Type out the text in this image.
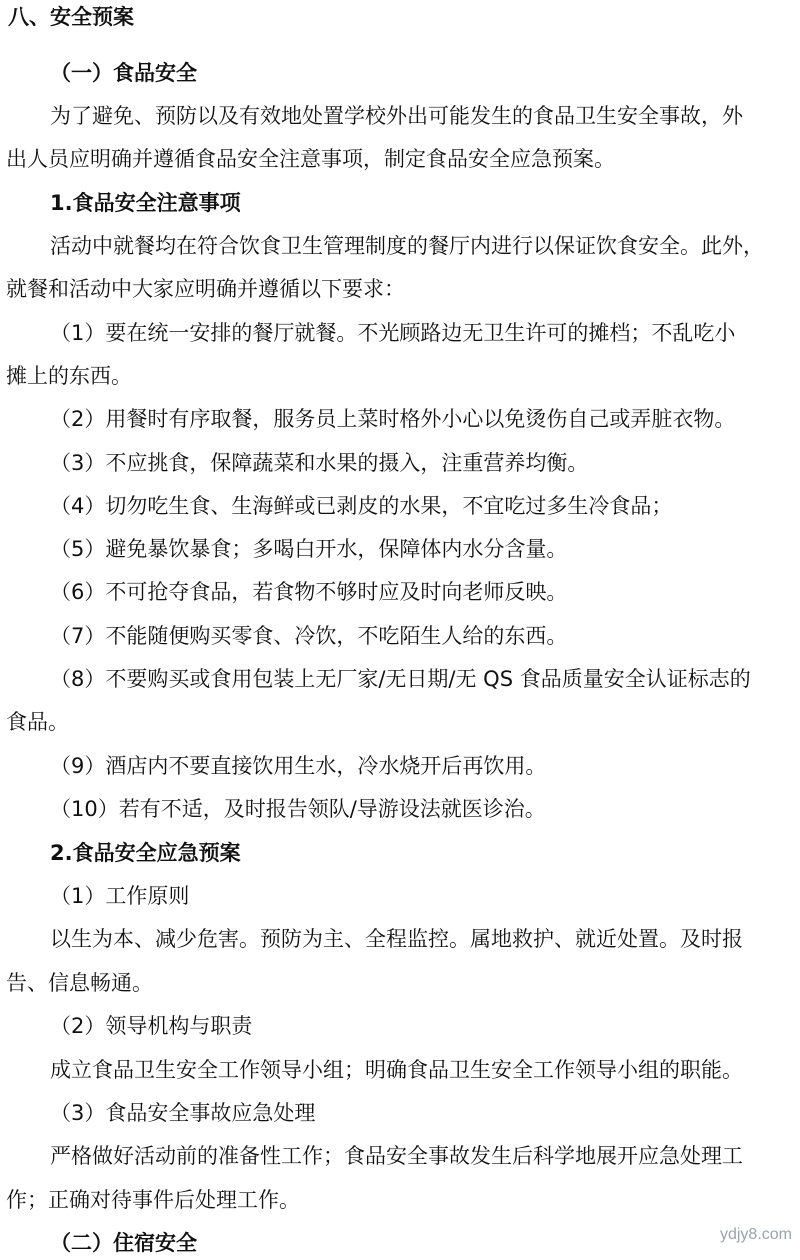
八、安全预案
（一）食品安全
为了避免、预防以及有效地处置学校外出可能发生的食品卫生安全事故，外
出人员应明确并遵循食品安全注意事项，制定食品安全应急预案。
1.食品安全注意事项
活动中就餐均在符合饮食卫生管理制度的餐厅内进行以保证饮食安全。此外，
就餐和活动中大家应明确并遵循以下要求：
（1）要在统一安排的餐厅就餐。不光顾路边无卫生许可的摊档；不乱吃小
摊上的东西。
（2）用餐时有序取餐，服务员上菜时格外小心以免烫伤自己或弄脏衣物。
（3）不应挑食，保障蔬菜和水果的摄入，注重营养均衡。
（4）切勿吃生食、生海鲜或已剥皮的水果，不宜吃过多生冷食品；
（5）避免暴饮暴食；多喝白开水，保障体内水分含量。
（6）不可抢夺食品，若食物不够时应及时向老师反映。
（7）不能随便购买零食、冷饮，不吃陌生人给的东西。
（8）不要购买或食用包装上无厂家/无日期/无 QS 食品质量安全认证标志的
食品。
（9）酒店内不要直接饮用生水，冷水烧开后再饮用。
（10）若有不适，及时报告领队/导游设法就医诊治。
2.食品安全应急预案
（1）工作原则
以生为本、减少危害。预防为主、全程监控。属地救护、就近处置。及时报
告、信息畅通。
（2）领导机构与职责
成立食品卫生安全工作领导小组；明确食品卫生安全工作领导小组的职能。
（3）食品安全事故应急处理
严格做好活动前的准备性工作；食品安全事故发生后科学地展开应急处理工
作；正确对待事件后处理工作。
（二）住宿安全	ydjy8.com
